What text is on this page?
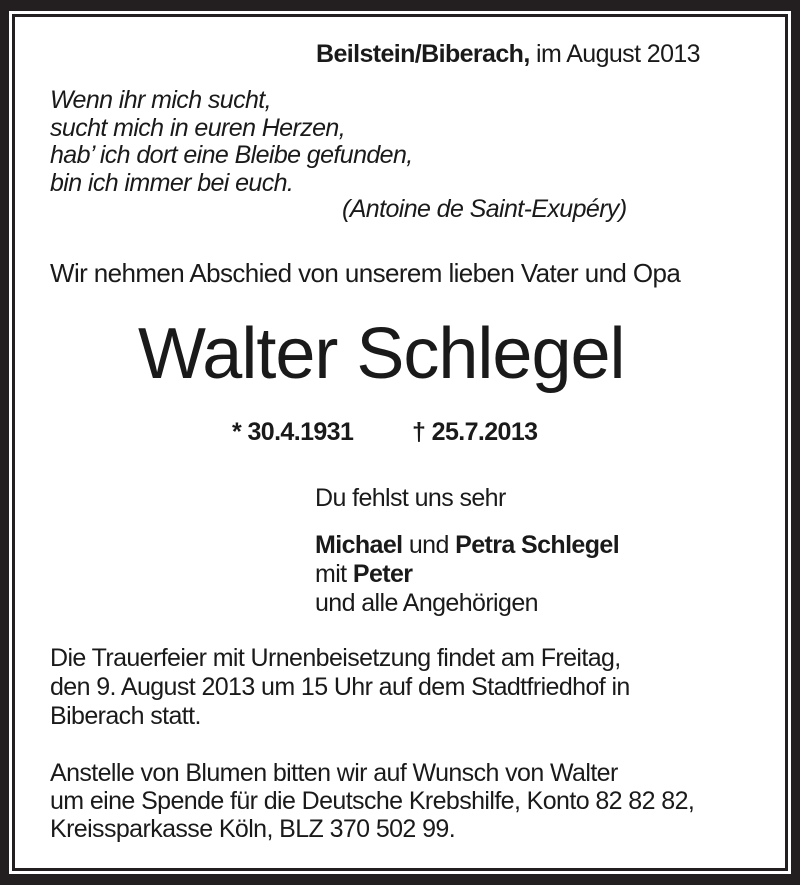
Beilstein/Biberach, im August 2013
Wenn ihr mich sucht,
sucht mich in euren Herzen,
hab’ ich dort eine Bleibe gefunden,
bin ich immer bei euch.
(Antoine de Saint-Exupéry)
Wir nehmen Abschied von unserem lieben Vater und Opa
Walter Schlegel
* 30.4.1931 † 25.7.2013
Du fehlst uns sehr
Michael und Petra Schlegel
mit Peter
und alle Angehörigen
Die Trauerfeier mit Urnenbeisetzung findet am Freitag,
den 9. August 2013 um 15 Uhr auf dem Stadtfriedhof in
Biberach statt.
Anstelle von Blumen bitten wir auf Wunsch von Walter
um eine Spende für die Deutsche Krebshilfe, Konto 82 82 82,
Kreissparkasse Köln, BLZ 370 502 99.
